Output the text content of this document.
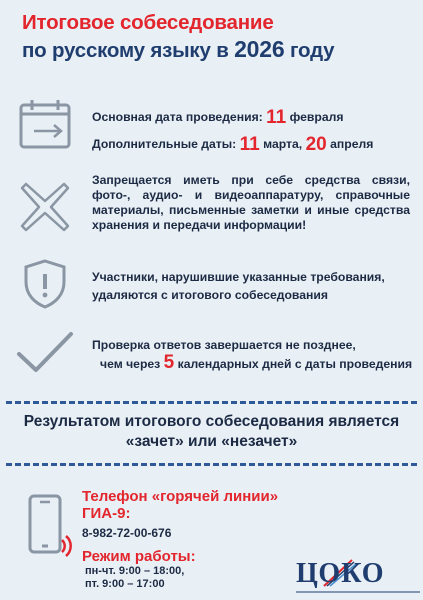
Итоговое собеседование
по русскому языку в 2026 году
Основная дата проведения:
11
февраля
Дополнительные даты:
11
марта,
20
апреля
Запрещается иметь при себе средства связи, фото-, аудио- и видеоаппаратуру, справочные материалы, письменные заметки и иные средства хранения и передачи информации!
Участники, нарушившие указанные требования,
удаляются с итогового собеседования
Проверка ответов завершается не позднее,
чем через 5 календарных дней с даты проведения
Результатом итогового собеседования является
«зачет» или «незачет»
Телефон «горячей линии»
ГИА-9:
8-982-72-00-676
Режим работы:
пн-чт. 9:00 – 18:00,
пт. 9:00 – 17:00	ЦОКО
